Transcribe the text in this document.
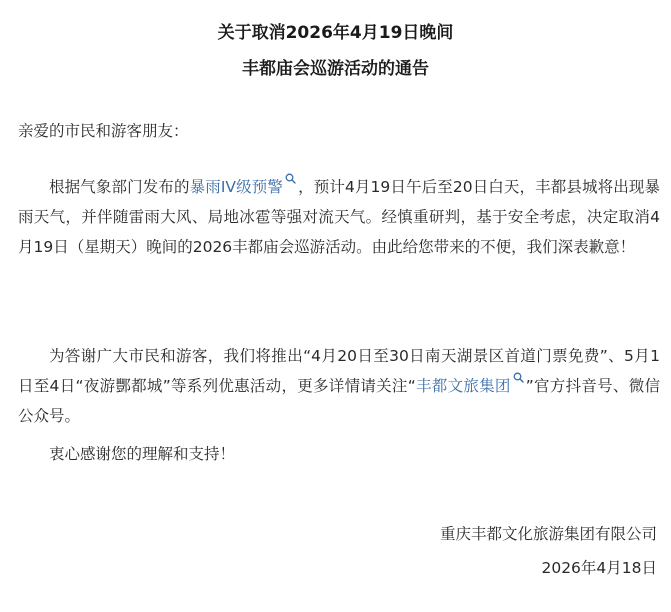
关于取消2026年4月19日晚间
丰都庙会巡游活动的通告
亲爱的市民和游客朋友：
根据气象部门发布的暴雨IV级预警 ，预计4月19日午后至20日白天，丰都县城将出现暴雨天气，并伴随雷雨大风、局地冰雹等强对流天气。经慎重研判，基于安全考虑，决定取消4月19日（星期天）晚间的2026丰都庙会巡游活动。由此给您带来的不便，我们深表歉意！
为答谢广大市民和游客，我们将推出“4月20日至30日南天湖景区首道门票免费”、5月1日至4日“夜游酆都城”等系列优惠活动，更多详情请关注“丰都文旅集团 ”官方抖音号、微信公众号。
衷心感谢您的理解和支持！
重庆丰都文化旅游集团有限公司
2026年4月18日
